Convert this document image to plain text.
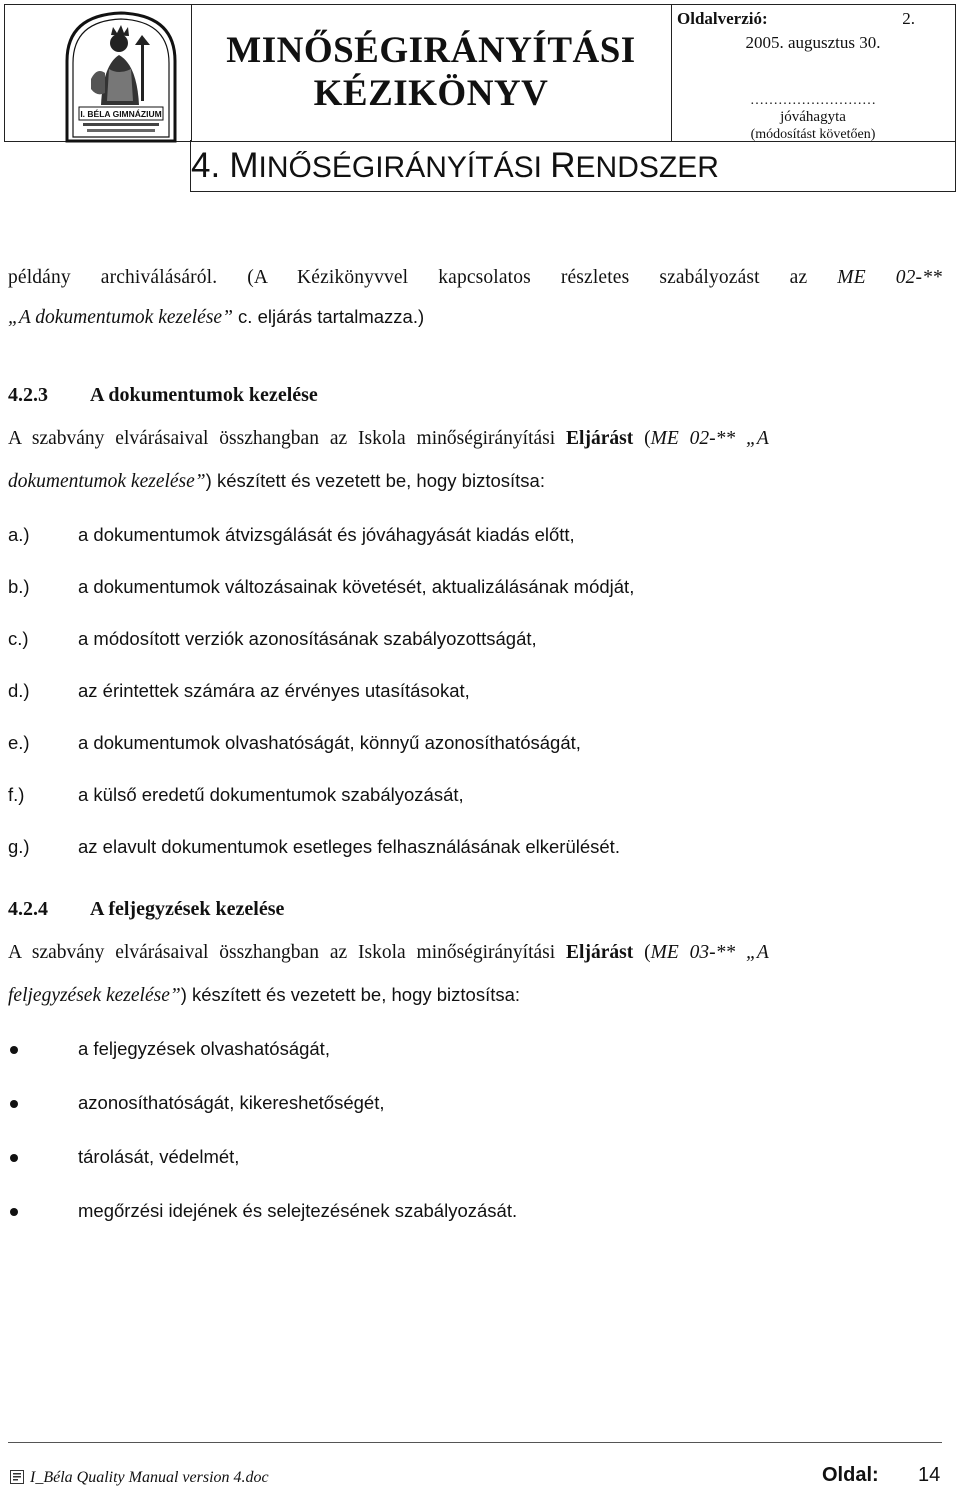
I. BÉLA GIMNÁZIUM
MINŐSÉGIRÁNYÍTÁSI
KÉZIKÖNYV
Oldalverzió:	2.
2005. augusztus 30.
………………………
jóváhagyta
(módosítást követően)
4. MINŐSÉGIRÁNYÍTÁSI RENDSZER
példány archiválásáról. (A Kézikönyvvel kapcsolatos részletes szabályozást az ME 02-**
„A dokumentumok kezelése” c. eljárás tartalmazza.)
4.2.3 A dokumentumok kezelése
A szabvány elvárásaival összhangban az Iskola minőségirányítási Eljárást (ME 02-** „A
dokumentumok kezelése”) készített és vezetett be, hogy biztosítsa:
a.)	a dokumentumok átvizsgálását és jóváhagyását kiadás előtt,
b.)	a dokumentumok változásainak követését, aktualizálásának módját,
c.)	a módosított verziók azonosításának szabályozottságát,
d.)	az érintettek számára az érvényes utasításokat,
e.)	a dokumentumok olvashatóságát, könnyű azonosíthatóságát,
f.)	a külső eredetű dokumentumok szabályozását,
g.)	az elavult dokumentumok esetleges felhasználásának elkerülését.
4.2.4 A feljegyzések kezelése
A szabvány elvárásaival összhangban az Iskola minőségirányítási Eljárást (ME 03-** „A
feljegyzések kezelése”) készített és vezetett be, hogy biztosítsa:
a feljegyzések olvashatóságát,
azonosíthatóságát, kikereshetőségét,
tárolását, védelmét,
megőrzési idejének és selejtezésének szabályozását.
I_Béla Quality Manual version 4.doc	Oldal: 14
